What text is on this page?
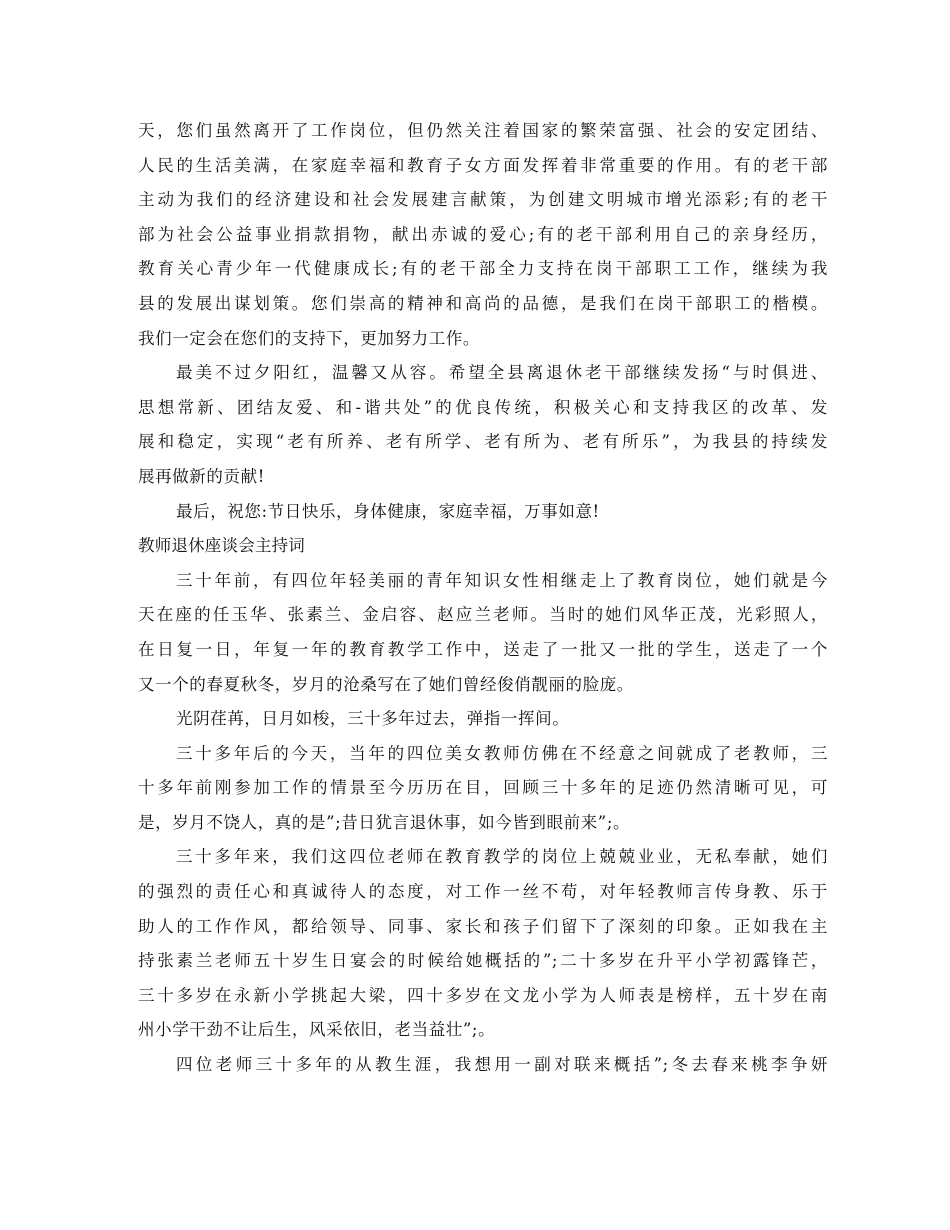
天，您们虽然离开了工作岗位，但仍然关注着国家的繁荣富强、社会的安定团结、
人民的生活美满，在家庭幸福和教育子女方面发挥着非常重要的作用。有的老干部
主动为我们的经济建设和社会发展建言献策，为创建文明城市增光添彩;有的老干
部为社会公益事业捐款捐物，献出赤诚的爱心;有的老干部利用自己的亲身经历，
教育关心青少年一代健康成长;有的老干部全力支持在岗干部职工工作，继续为我
县的发展出谋划策。您们崇高的精神和高尚的品德，是我们在岗干部职工的楷模。
我们一定会在您们的支持下，更加努力工作。
最美不过夕阳红，温馨又从容。希望全县离退休老干部继续发扬“与时俱进、
思想常新、团结友爱、和-谐共处”的优良传统，积极关心和支持我区的改革、发
展和稳定，实现“老有所养、老有所学、老有所为、老有所乐”，为我县的持续发
展再做新的贡献!
最后，祝您:节日快乐，身体健康，家庭幸福，万事如意!
教师退休座谈会主持词
三十年前，有四位年轻美丽的青年知识女性相继走上了教育岗位，她们就是今
天在座的任玉华、张素兰、金启容、赵应兰老师。当时的她们风华正茂，光彩照人，
在日复一日，年复一年的教育教学工作中，送走了一批又一批的学生，送走了一个
又一个的春夏秋冬，岁月的沧桑写在了她们曾经俊俏靓丽的脸庞。
光阴荏苒，日月如梭，三十多年过去，弹指一挥间。
三十多年后的今天，当年的四位美女教师仿佛在不经意之间就成了老教师，三
十多年前刚参加工作的情景至今历历在目，回顾三十多年的足迹仍然清晰可见，可
是，岁月不饶人，真的是”;昔日犹言退休事，如今皆到眼前来”;。
三十多年来，我们这四位老师在教育教学的岗位上兢兢业业，无私奉献，她们
的强烈的责任心和真诚待人的态度，对工作一丝不苟，对年轻教师言传身教、乐于
助人的工作作风，都给领导、同事、家长和孩子们留下了深刻的印象。正如我在主
持张素兰老师五十岁生日宴会的时候给她概括的”;二十多岁在升平小学初露锋芒，
三十多岁在永新小学挑起大梁，四十多岁在文龙小学为人师表是榜样，五十岁在南
州小学干劲不让后生，风采依旧，老当益壮”;。
四位老师三十多年的从教生涯，我想用一副对联来概括”;冬去春来桃李争妍
